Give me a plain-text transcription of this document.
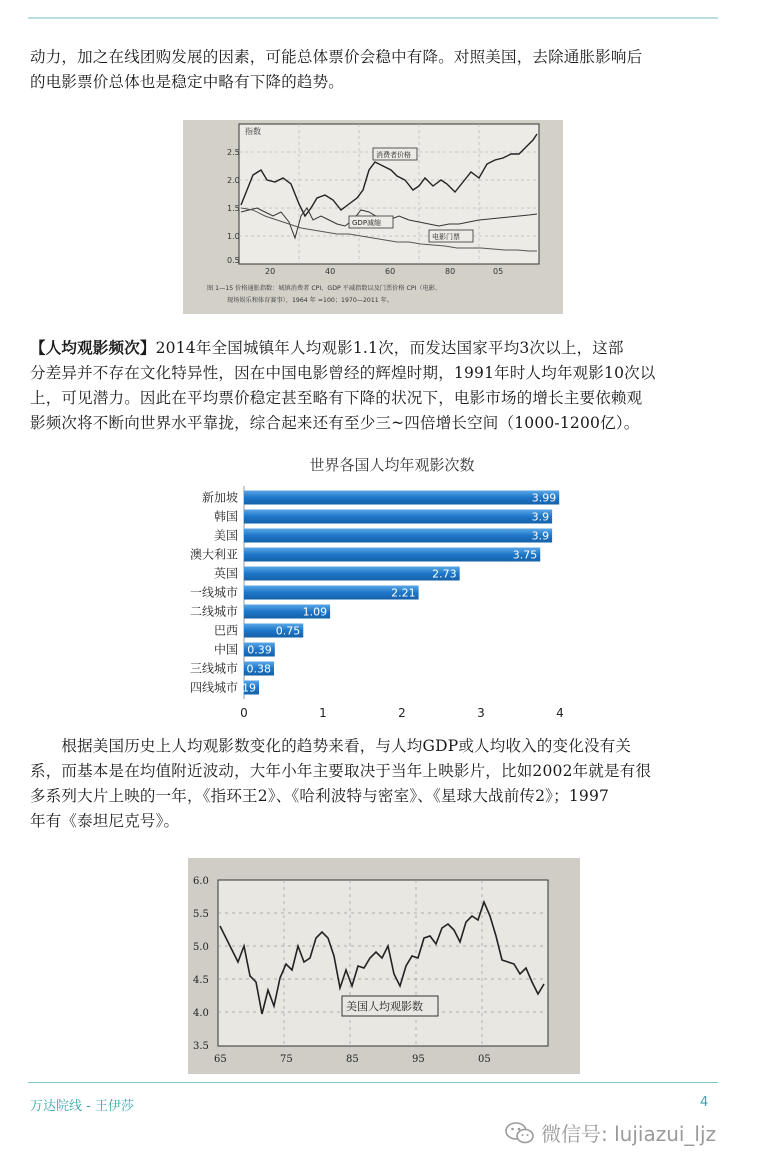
动力，加之在线团购发展的因素，可能总体票价会稳中有降。对照美国，去除通胀影响后
的电影票价总体也是稳定中略有下降的趋势。

指数
2.5
2.0
1.5
1.0
0.5
20	40	60	80	05
消费者价格
GDP减缩
电影门票
图 1—15 价格通胀指数：城镇消费者 CPI、GDP 平减指数以及门票价格 CPI（电影、
现场娱乐和体育赛事），1964 年 =100；1970—2011 年。

【人均观影频次】2014年全国城镇年人均观影1.1次，而发达国家平均3次以上，这部
分差异并不存在文化特异性，因在中国电影曾经的辉煌时期，1991年时人均年观影10次以
上，可见潜力。因此在平均票价稳定甚至略有下降的状况下，电影市场的增长主要依赖观
影频次将不断向世界水平靠拢，综合起来还有至少三~四倍增长空间（1000-1200亿）。

世界各国人均年观影次数
新加坡	3.99
韩国	3.9
美国	3.9
澳大利亚	3.75
英国	2.73
一线城市	2.21
二线城市	1.09
巴西	0.75
中国 0.39
三线城市 0.38
四线城市
0.19
0	1	2	3	4

　　根据美国历史上人均观影数变化的趋势来看，与人均GDP或人均收入的变化没有关
系，而基本是在均值附近波动，大年小年主要取决于当年上映影片，比如2002年就是有很
多系列大片上映的一年，《指环王2》、《哈利波特与密室》、《星球大战前传2》；1997
年有《泰坦尼克号》。

6.0
5.5
5.0
4.5
4.0
3.5
65	75	85	95	05
美国人均观影数
万达院线 - 王伊莎	4
微信号: lujiazui_ljz
